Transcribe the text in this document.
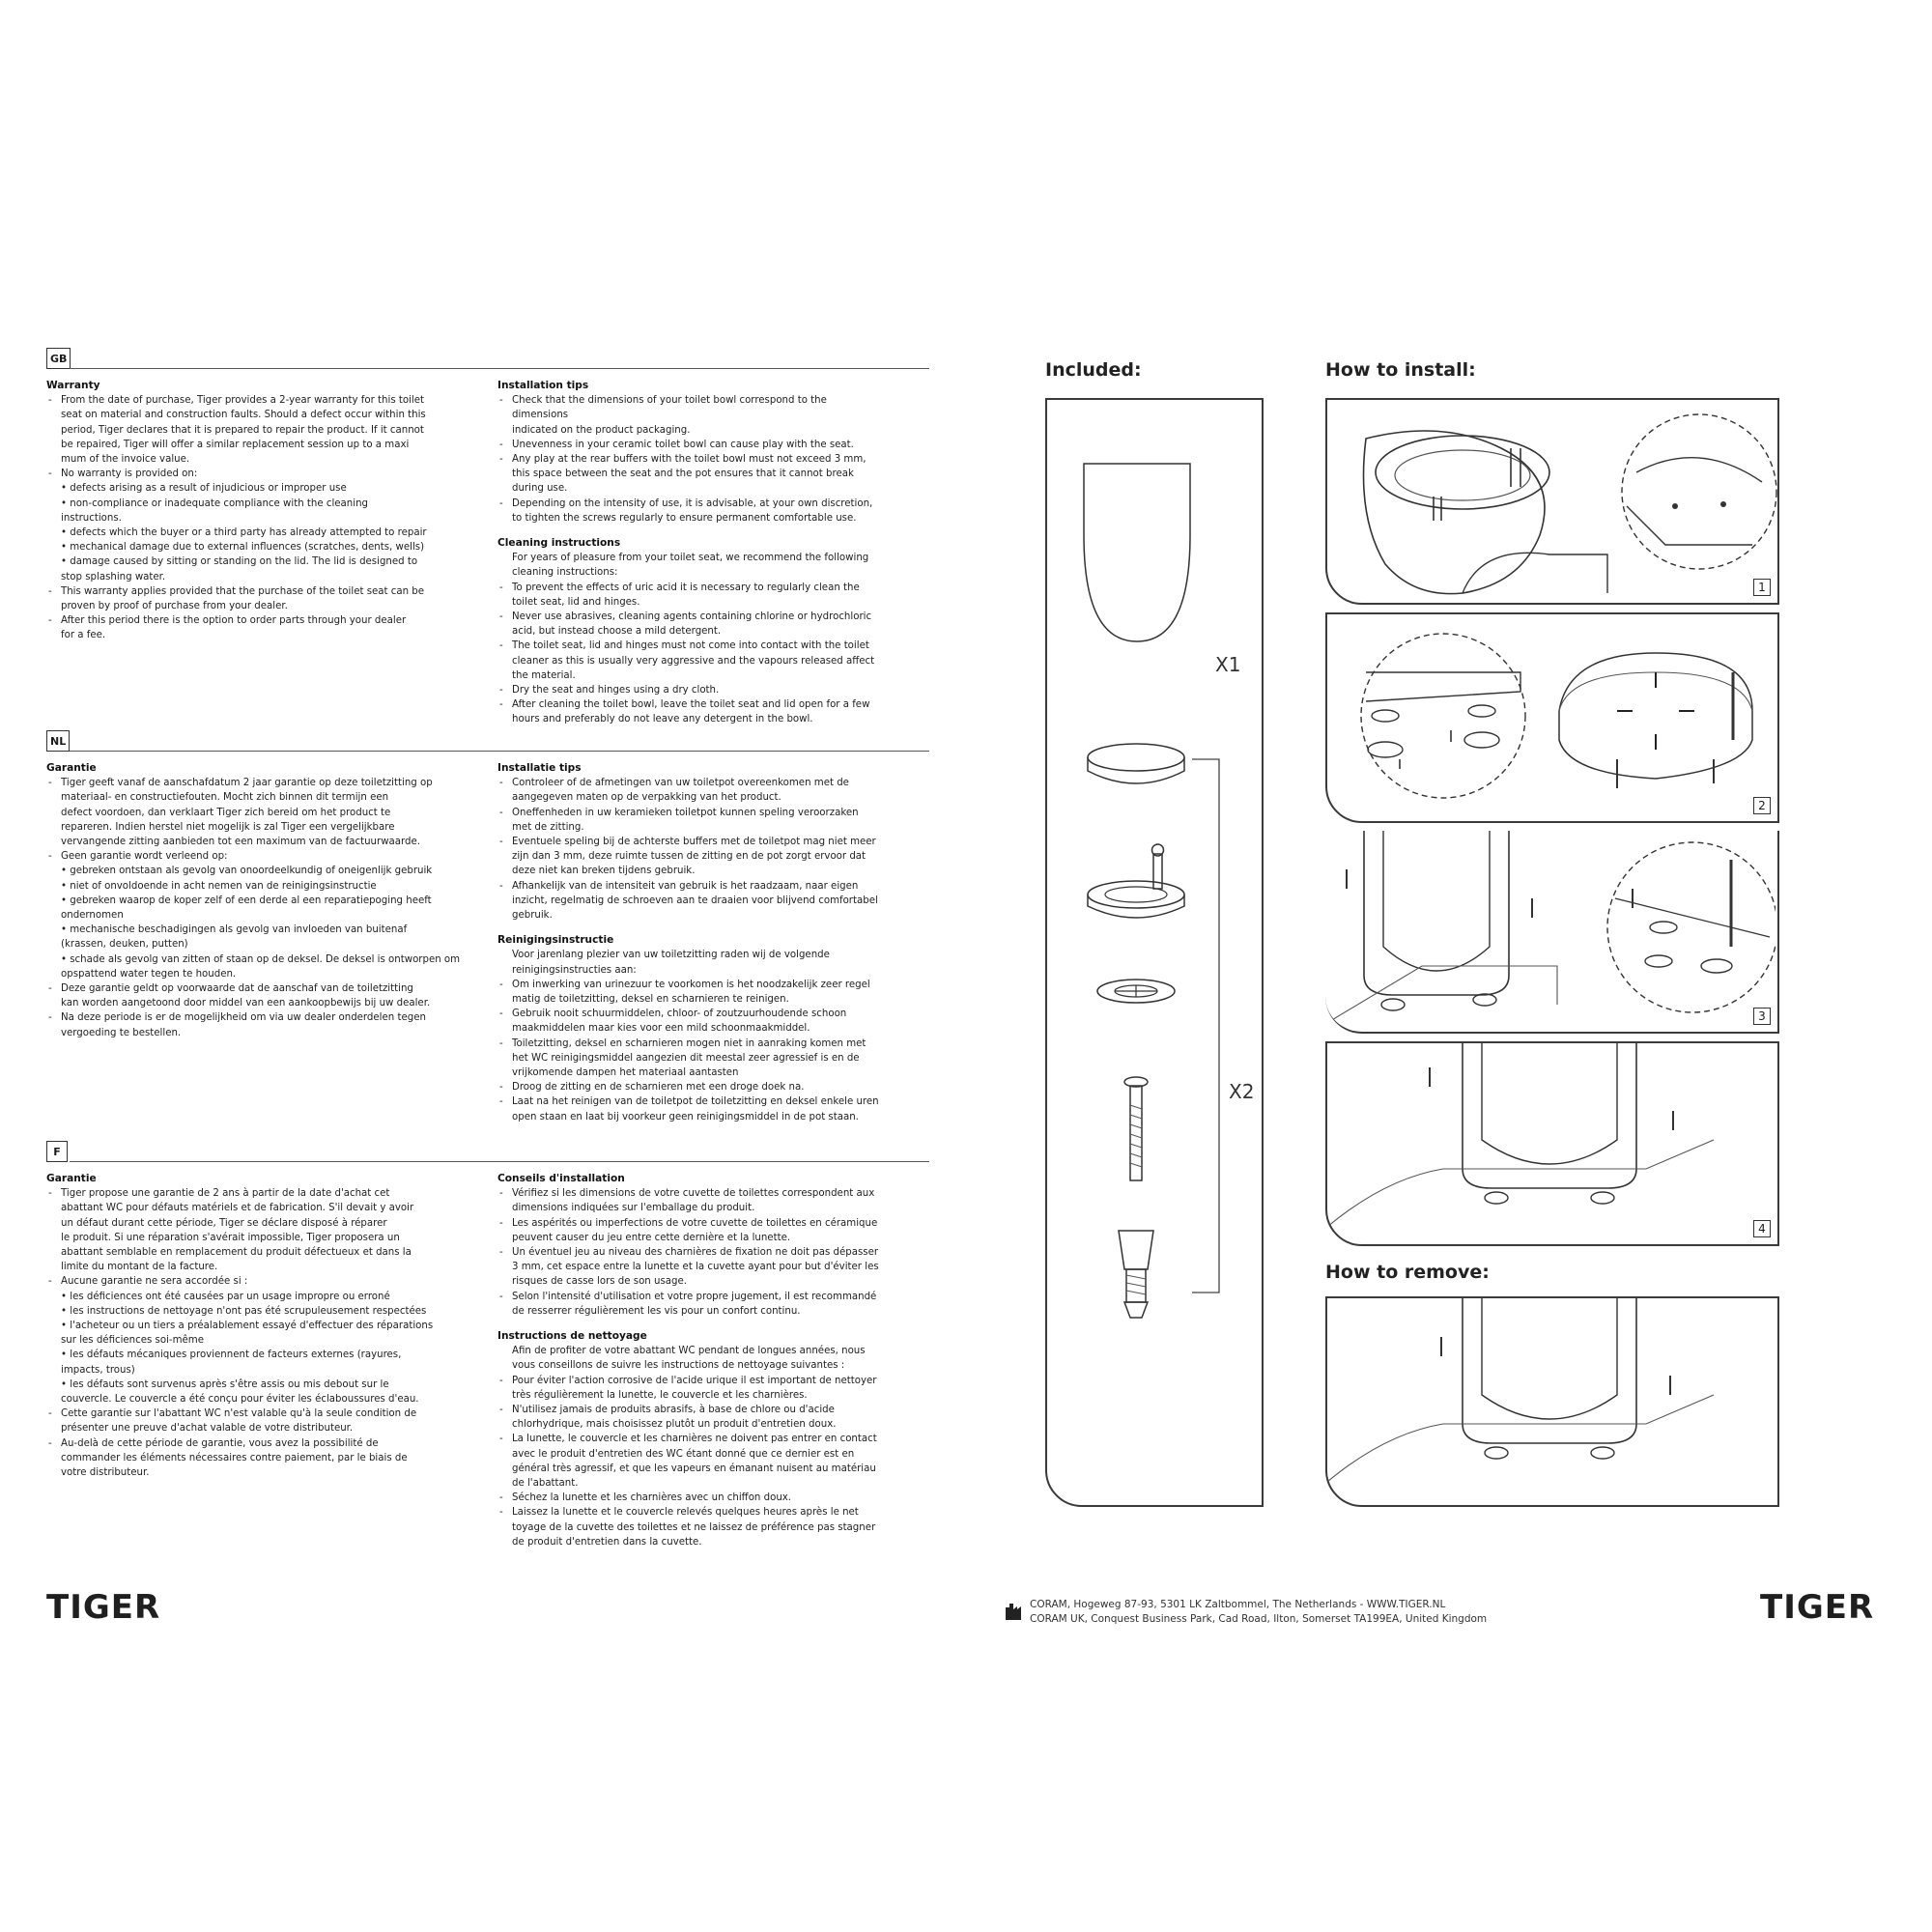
GB
Warranty
- From the date of purchase, Tiger provides a 2-year warranty for this toilet
seat on material and construction faults. Should a defect occur within this
period, Tiger declares that it is prepared to repair the product. If it cannot
be repaired, Tiger will offer a similar replacement session up to a maxi
mum of the invoice value.
- No warranty is provided on:
• defects arising as a result of injudicious or improper use
• non-compliance or inadequate compliance with the cleaning
instructions.
• defects which the buyer or a third party has already attempted to repair
• mechanical damage due to external influences (scratches, dents, wells)
• damage caused by sitting or standing on the lid. The lid is designed to
stop splashing water.
- This warranty applies provided that the purchase of the toilet seat can be
proven by proof of purchase from your dealer.
- After this period there is the option to order parts through your dealer
for a fee.
Installation tips
- Check that the dimensions of your toilet bowl correspond to the
dimensions
indicated on the product packaging.
- Unevenness in your ceramic toilet bowl can cause play with the seat.
- Any play at the rear buffers with the toilet bowl must not exceed 3 mm,
this space between the seat and the pot ensures that it cannot break
during use.
- Depending on the intensity of use, it is advisable, at your own discretion,
to tighten the screws regularly to ensure permanent comfortable use.
Cleaning instructions
For years of pleasure from your toilet seat, we recommend the following
cleaning instructions:
- To prevent the effects of uric acid it is necessary to regularly clean the
toilet seat, lid and hinges.
- Never use abrasives, cleaning agents containing chlorine or hydrochloric
acid, but instead choose a mild detergent.
- The toilet seat, lid and hinges must not come into contact with the toilet
cleaner as this is usually very aggressive and the vapours released affect
the material.
- Dry the seat and hinges using a dry cloth.
- After cleaning the toilet bowl, leave the toilet seat and lid open for a few
hours and preferably do not leave any detergent in the bowl.
NL
Garantie
- Tiger geeft vanaf de aanschafdatum 2 jaar garantie op deze toiletzitting op
materiaal- en constructiefouten. Mocht zich binnen dit termijn een
defect voordoen, dan verklaart Tiger zich bereid om het product te
repareren. Indien herstel niet mogelijk is zal Tiger een vergelijkbare
vervangende zitting aanbieden tot een maximum van de factuurwaarde.
- Geen garantie wordt verleend op:
• gebreken ontstaan als gevolg van onoordeelkundig of oneigenlijk gebruik
• niet of onvoldoende in acht nemen van de reinigingsinstructie
• gebreken waarop de koper zelf of een derde al een reparatiepoging heeft
ondernomen
• mechanische beschadigingen als gevolg van invloeden van buitenaf
(krassen, deuken, putten)
• schade als gevolg van zitten of staan op de deksel. De deksel is ontworpen om
opspattend water tegen te houden.
- Deze garantie geldt op voorwaarde dat de aanschaf van de toiletzitting
kan worden aangetoond door middel van een aankoopbewijs bij uw dealer.
- Na deze periode is er de mogelijkheid om via uw dealer onderdelen tegen
vergoeding te bestellen.
Installatie tips
- Controleer of de afmetingen van uw toiletpot overeenkomen met de
aangegeven maten op de verpakking van het product.
- Oneffenheden in uw keramieken toiletpot kunnen speling veroorzaken
met de zitting.
- Eventuele speling bij de achterste buffers met de toiletpot mag niet meer
zijn dan 3 mm, deze ruimte tussen de zitting en de pot zorgt ervoor dat
deze niet kan breken tijdens gebruik.
- Afhankelijk van de intensiteit van gebruik is het raadzaam, naar eigen
inzicht, regelmatig de schroeven aan te draaien voor blijvend comfortabel
gebruik.
Reinigingsinstructie
Voor jarenlang plezier van uw toiletzitting raden wij de volgende
reinigingsinstructies aan:
- Om inwerking van urinezuur te voorkomen is het noodzakelijk zeer regel
matig de toiletzitting, deksel en scharnieren te reinigen.
- Gebruik nooit schuurmiddelen, chloor- of zoutzuurhoudende schoon
maakmiddelen maar kies voor een mild schoonmaakmiddel.
- Toiletzitting, deksel en scharnieren mogen niet in aanraking komen met
het WC reinigingsmiddel aangezien dit meestal zeer agressief is en de
vrijkomende dampen het materiaal aantasten
- Droog de zitting en de scharnieren met een droge doek na.
- Laat na het reinigen van de toiletpot de toiletzitting en deksel enkele uren
open staan en laat bij voorkeur geen reinigingsmiddel in de pot staan.
F
Garantie
- Tiger propose une garantie de 2 ans à partir de la date d'achat cet
abattant WC pour défauts matériels et de fabrication. S'il devait y avoir
un défaut durant cette période, Tiger se déclare disposé à réparer
le produit. Si une réparation s'avérait impossible, Tiger proposera un
abattant semblable en remplacement du produit défectueux et dans la
limite du montant de la facture.
- Aucune garantie ne sera accordée si :
• les déficiences ont été causées par un usage impropre ou erroné
• les instructions de nettoyage n'ont pas été scrupuleusement respectées
• l'acheteur ou un tiers a préalablement essayé d'effectuer des réparations
sur les déficiences soi-même
• les défauts mécaniques proviennent de facteurs externes (rayures,
impacts, trous)
• les défauts sont survenus après s'être assis ou mis debout sur le
couvercle. Le couvercle a été conçu pour éviter les éclaboussures d'eau.
- Cette garantie sur l'abattant WC n'est valable qu'à la seule condition de
présenter une preuve d'achat valable de votre distributeur.
- Au-delà de cette période de garantie, vous avez la possibilité de
commander les éléments nécessaires contre paiement, par le biais de
votre distributeur.
Conseils d'installation
- Vérifiez si les dimensions de votre cuvette de toilettes correspondent aux
dimensions indiquées sur l'emballage du produit.
- Les aspérités ou imperfections de votre cuvette de toilettes en céramique
peuvent causer du jeu entre cette dernière et la lunette.
- Un éventuel jeu au niveau des charnières de fixation ne doit pas dépasser
3 mm, cet espace entre la lunette et la cuvette ayant pour but d'éviter les
risques de casse lors de son usage.
- Selon l'intensité d'utilisation et votre propre jugement, il est recommandé
de resserrer régulièrement les vis pour un confort continu.
Instructions de nettoyage
Afin de profiter de votre abattant WC pendant de longues années, nous
vous conseillons de suivre les instructions de nettoyage suivantes :
- Pour éviter l'action corrosive de l'acide urique il est important de nettoyer
très régulièrement la lunette, le couvercle et les charnières.
- N'utilisez jamais de produits abrasifs, à base de chlore ou d'acide
chlorhydrique, mais choisissez plutôt un produit d'entretien doux.
- La lunette, le couvercle et les charnières ne doivent pas entrer en contact
avec le produit d'entretien des WC étant donné que ce dernier est en
général très agressif, et que les vapeurs en émanant nuisent au matériau
de l'abattant.
- Séchez la lunette et les charnières avec un chiffon doux.
- Laissez la lunette et le couvercle relevés quelques heures après le net
toyage de la cuvette des toilettes et ne laissez de préférence pas stagner
de produit d'entretien dans la cuvette.
Included:	How to install:
X1
X2
1
2
3
4
How to remove:
TIGER	TIGER
CORAM, Hogeweg 87-93, 5301 LK Zaltbommel, The Netherlands - WWW.TIGER.NL
CORAM UK, Conquest Business Park, Cad Road, Ilton, Somerset TA199EA, United Kingdom
